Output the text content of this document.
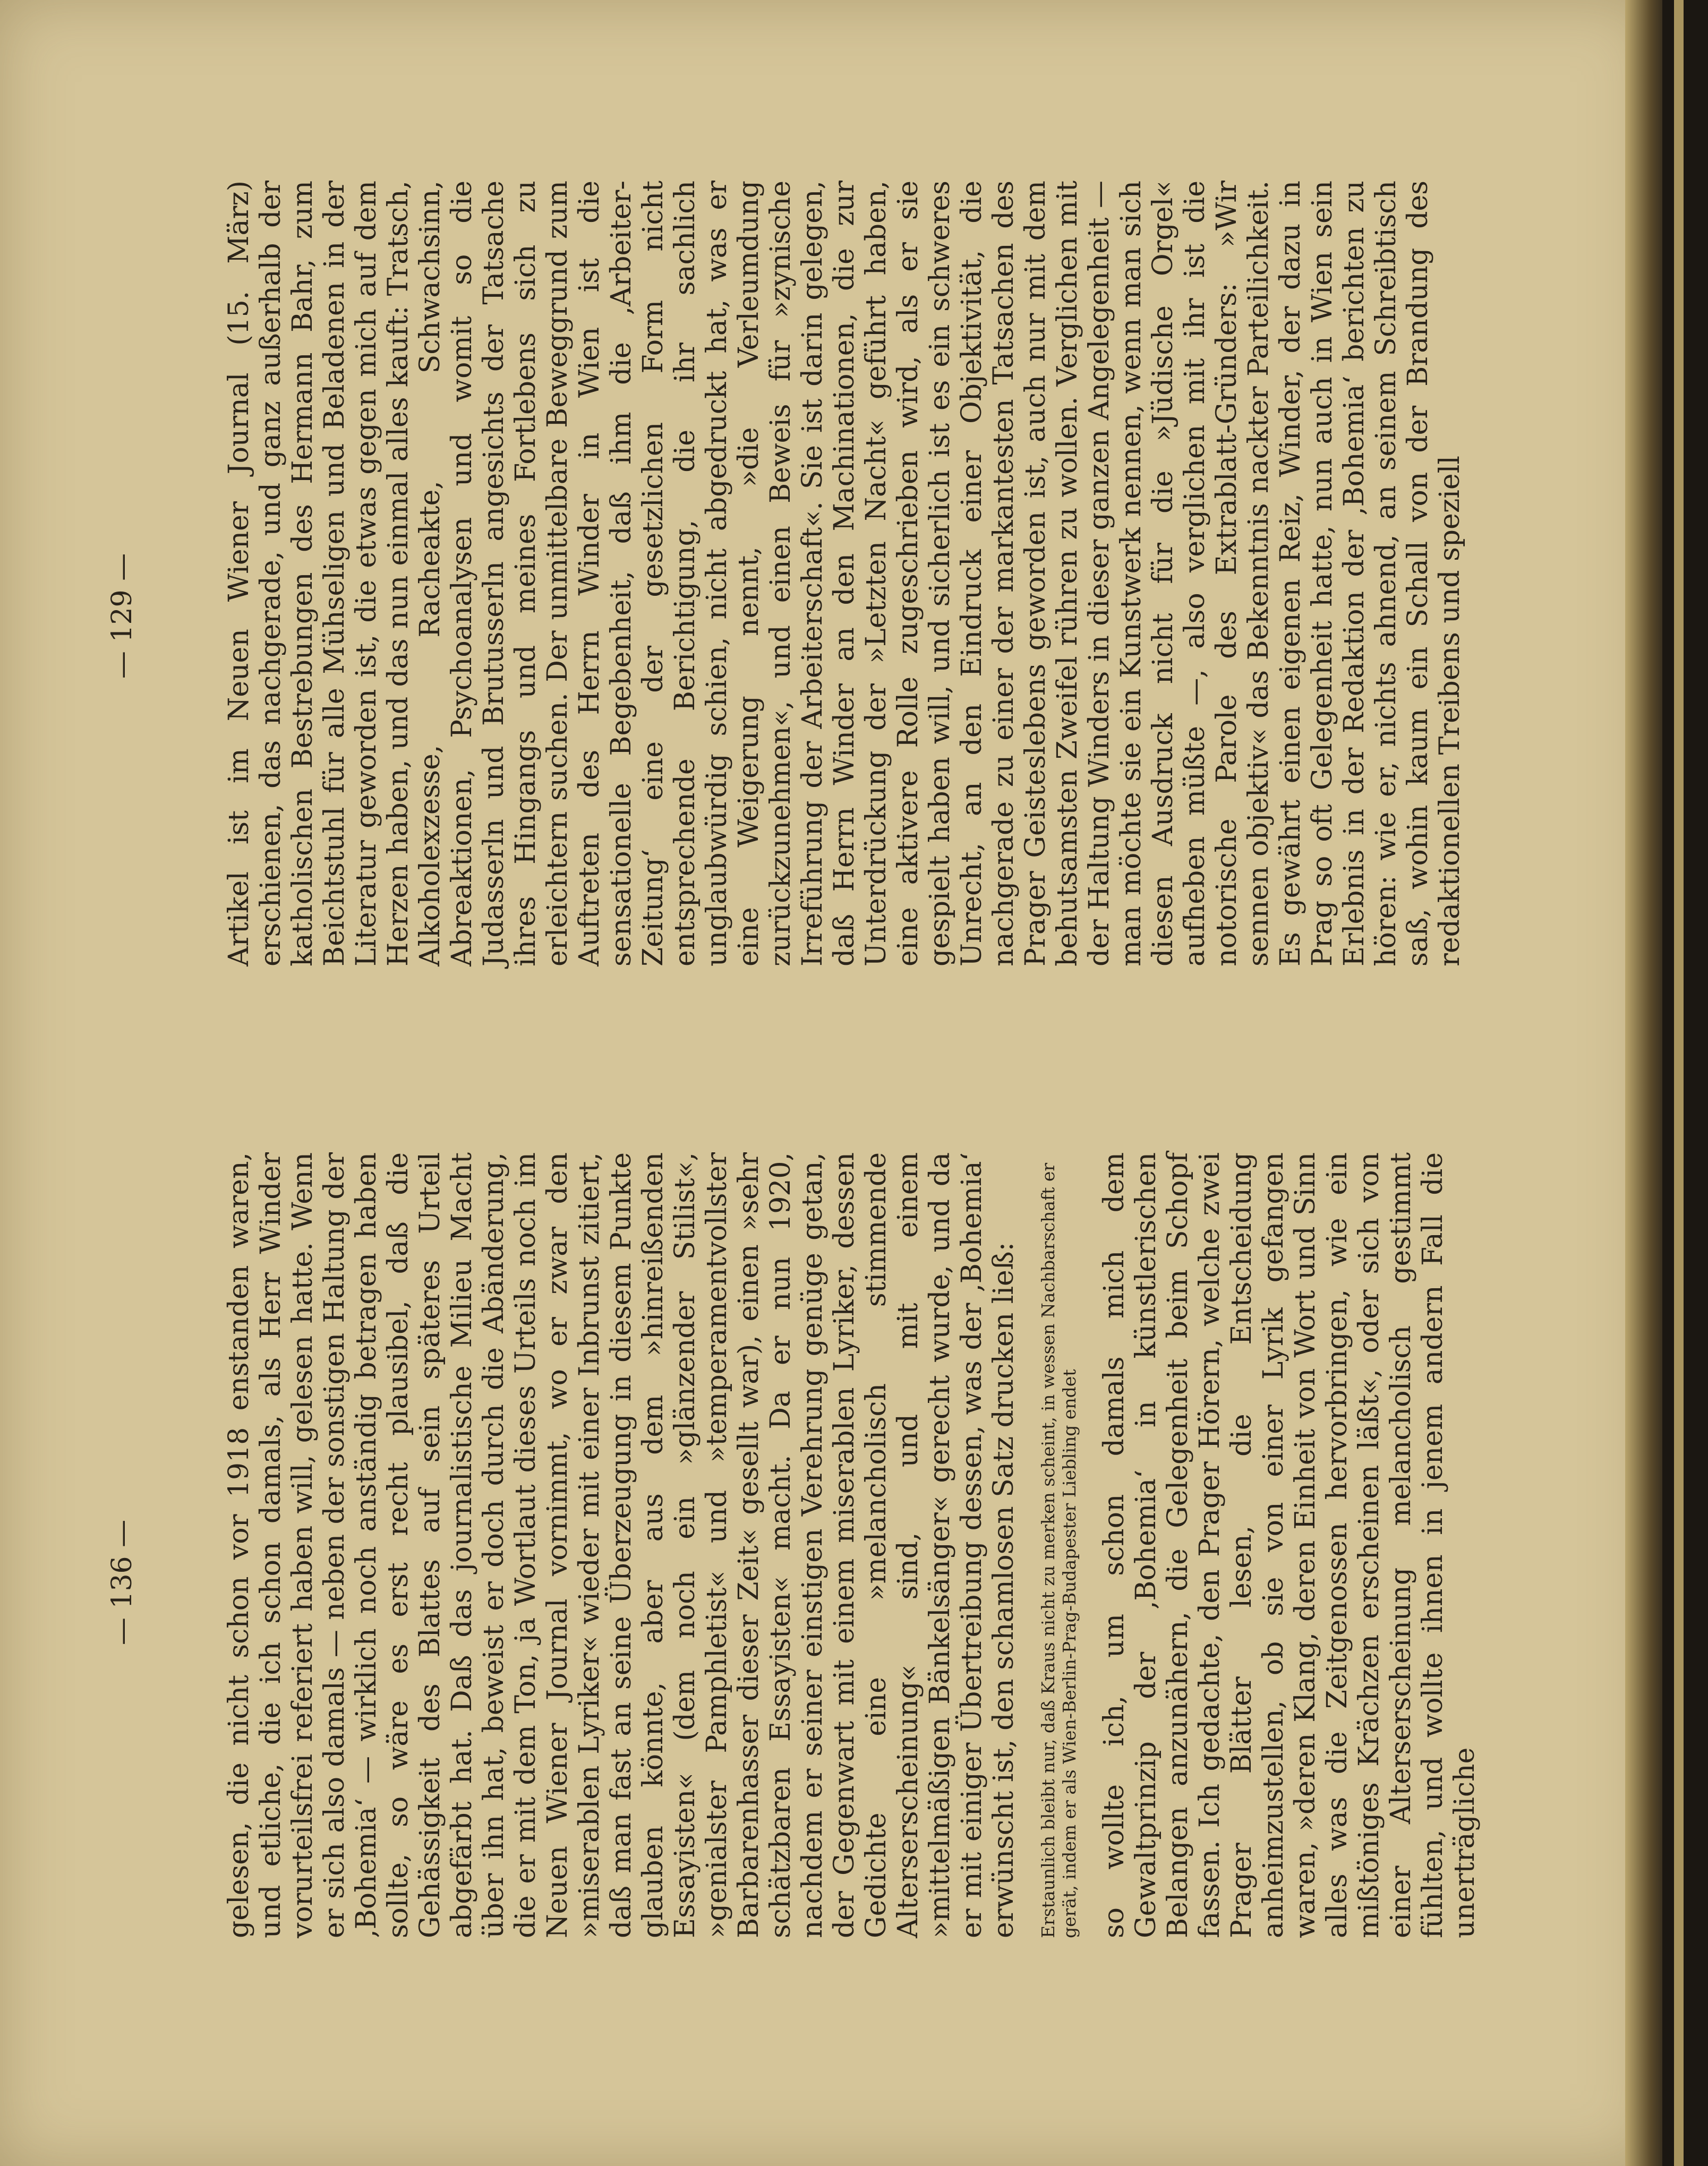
— 136 —	gelesen, die nicht schon vor 1918 enstanden waren, und etliche, die ich schon damals, als Herr Winder vorurteilsfrei referiert haben will, gelesen hatte. Wenn er sich also damals — neben der sonstigen Haltung der ‚Bohemia‘ — wirklich noch anständig betragen haben sollte, so wäre es erst recht plausibel, daß die Gehässigkeit des Blattes auf sein späteres Urteil abgefärbt hat. Daß das journalistische Milieu Macht über ihn hat, beweist er doch durch die Abänderung, die er mit dem Ton, ja Wortlaut dieses Urteils noch im Neuen Wiener Journal vornimmt, wo er zwar den »miserablen Lyriker« wieder mit einer Inbrunst zitiert, daß man fast an seine Überzeugung in diesem Punkte glauben könnte, aber aus dem »hinreißenden Essayisten« (dem noch ein »glänzender Stilist«, »genialster Pamphletist« und »temperamentvollster Barbarenhasser dieser Zeit« gesellt war), einen »sehr schätzbaren Essayisten« macht. Da er nun 1920, nachdem er seiner einstigen Verehrung genüge getan, der Gegenwart mit einem miserablen Lyriker, dessen Gedichte eine »melancholisch stimmende Alterserscheinung« sind, und mit einem »mittelmäßigen Bänkelsänger« gerecht wurde, und da er mit einiger Übertreibung dessen, was der ‚Bohemia‘ erwünscht ist, den schamlosen Satz drucken ließ: Erstaunlich bleibt nur, daß Kraus nicht zu merken scheint, in wessen Nachbarschaft er gerät, indem er als Wien-Berlin-Prag-Budapester Liebling endet so wollte ich, um schon damals mich dem Gewaltprinzip der ‚Bohemia‘ in künstlerischen Belangen anzunähern, die Gelegenheit beim Schopf fassen. Ich gedachte, den Prager Hörern, welche zwei Prager Blätter lesen, die Entscheidung anheimzustellen, ob sie von einer Lyrik gefangen waren, »deren Klang, deren Einheit von Wort und Sinn alles was die Zeitgenossen hervorbringen, wie ein mißtöniges Krächzen erscheinen läßt«, oder sich von einer Alterserscheinung melancholisch gestimmt fühlten, und wollte ihnen in jenem andern Fall die unerträgliche

— 129 —	Artikel ist im Neuen Wiener Journal (15. März) erschienen, das nachgerade, und ganz außerhalb der katholischen Bestrebungen des Hermann Bahr, zum Beichtstuhl für alle Mühseligen und Beladenen in der Literatur geworden ist, die etwas gegen mich auf dem Herzen haben, und das nun einmal alles kauft: Tratsch, Alkoholexzesse, Racheakte, Schwachsinn, Abreaktionen, Psychoanalysen und womit so die Judasserln und Brutusserln angesichts der Tatsache ihres Hingangs und meines Fortlebens sich zu erleichtern suchen. Der unmittelbare Beweggrund zum Auftreten des Herrn Winder in Wien ist die sensationelle Begebenheit, daß ihm die ‚Arbeiter-Zeitung‘ eine der gesetzlichen Form nicht entsprechende Berichtigung, die ihr sachlich unglaubwürdig schien, nicht abgedruckt hat, was er eine Weigerung nennt, »die Verleumdung zurückzunehmen«, und einen Beweis für »zynische Irreführung der Arbeiterschaft«. Sie ist darin gelegen, daß Herrn Winder an den Machinationen, die zur Unterdrückung der »Letzten Nacht« geführt haben, eine aktivere Rolle zugeschrieben wird, als er sie gespielt haben will, und sicherlich ist es ein schweres Unrecht, an den Eindruck einer Objektivität, die nachgerade zu einer der markantesten Tatsachen des Prager Geisteslebens geworden ist, auch nur mit dem behutsamsten Zweifel rühren zu wollen. Verglichen mit der Haltung Winders in dieser ganzen Angelegenheit — man möchte sie ein Kunstwerk nennen, wenn man sich diesen Ausdruck nicht für die »Jüdische Orgel« aufheben müßte —, also verglichen mit ihr ist die notorische Parole des Extrablatt-Gründers: »Wir sennen objektiv« das Bekenntnis nackter Parteilichkeit. Es gewährt einen eigenen Reiz, Winder, der dazu in Prag so oft Gelegenheit hatte, nun auch in Wien sein Erlebnis in der Redaktion der ‚Bohemia‘ berichten zu hören: wie er, nichts ahnend, an seinem Schreibtisch saß, wohin kaum ein Schall von der Brandung des redaktionellen Treibens und speziell
